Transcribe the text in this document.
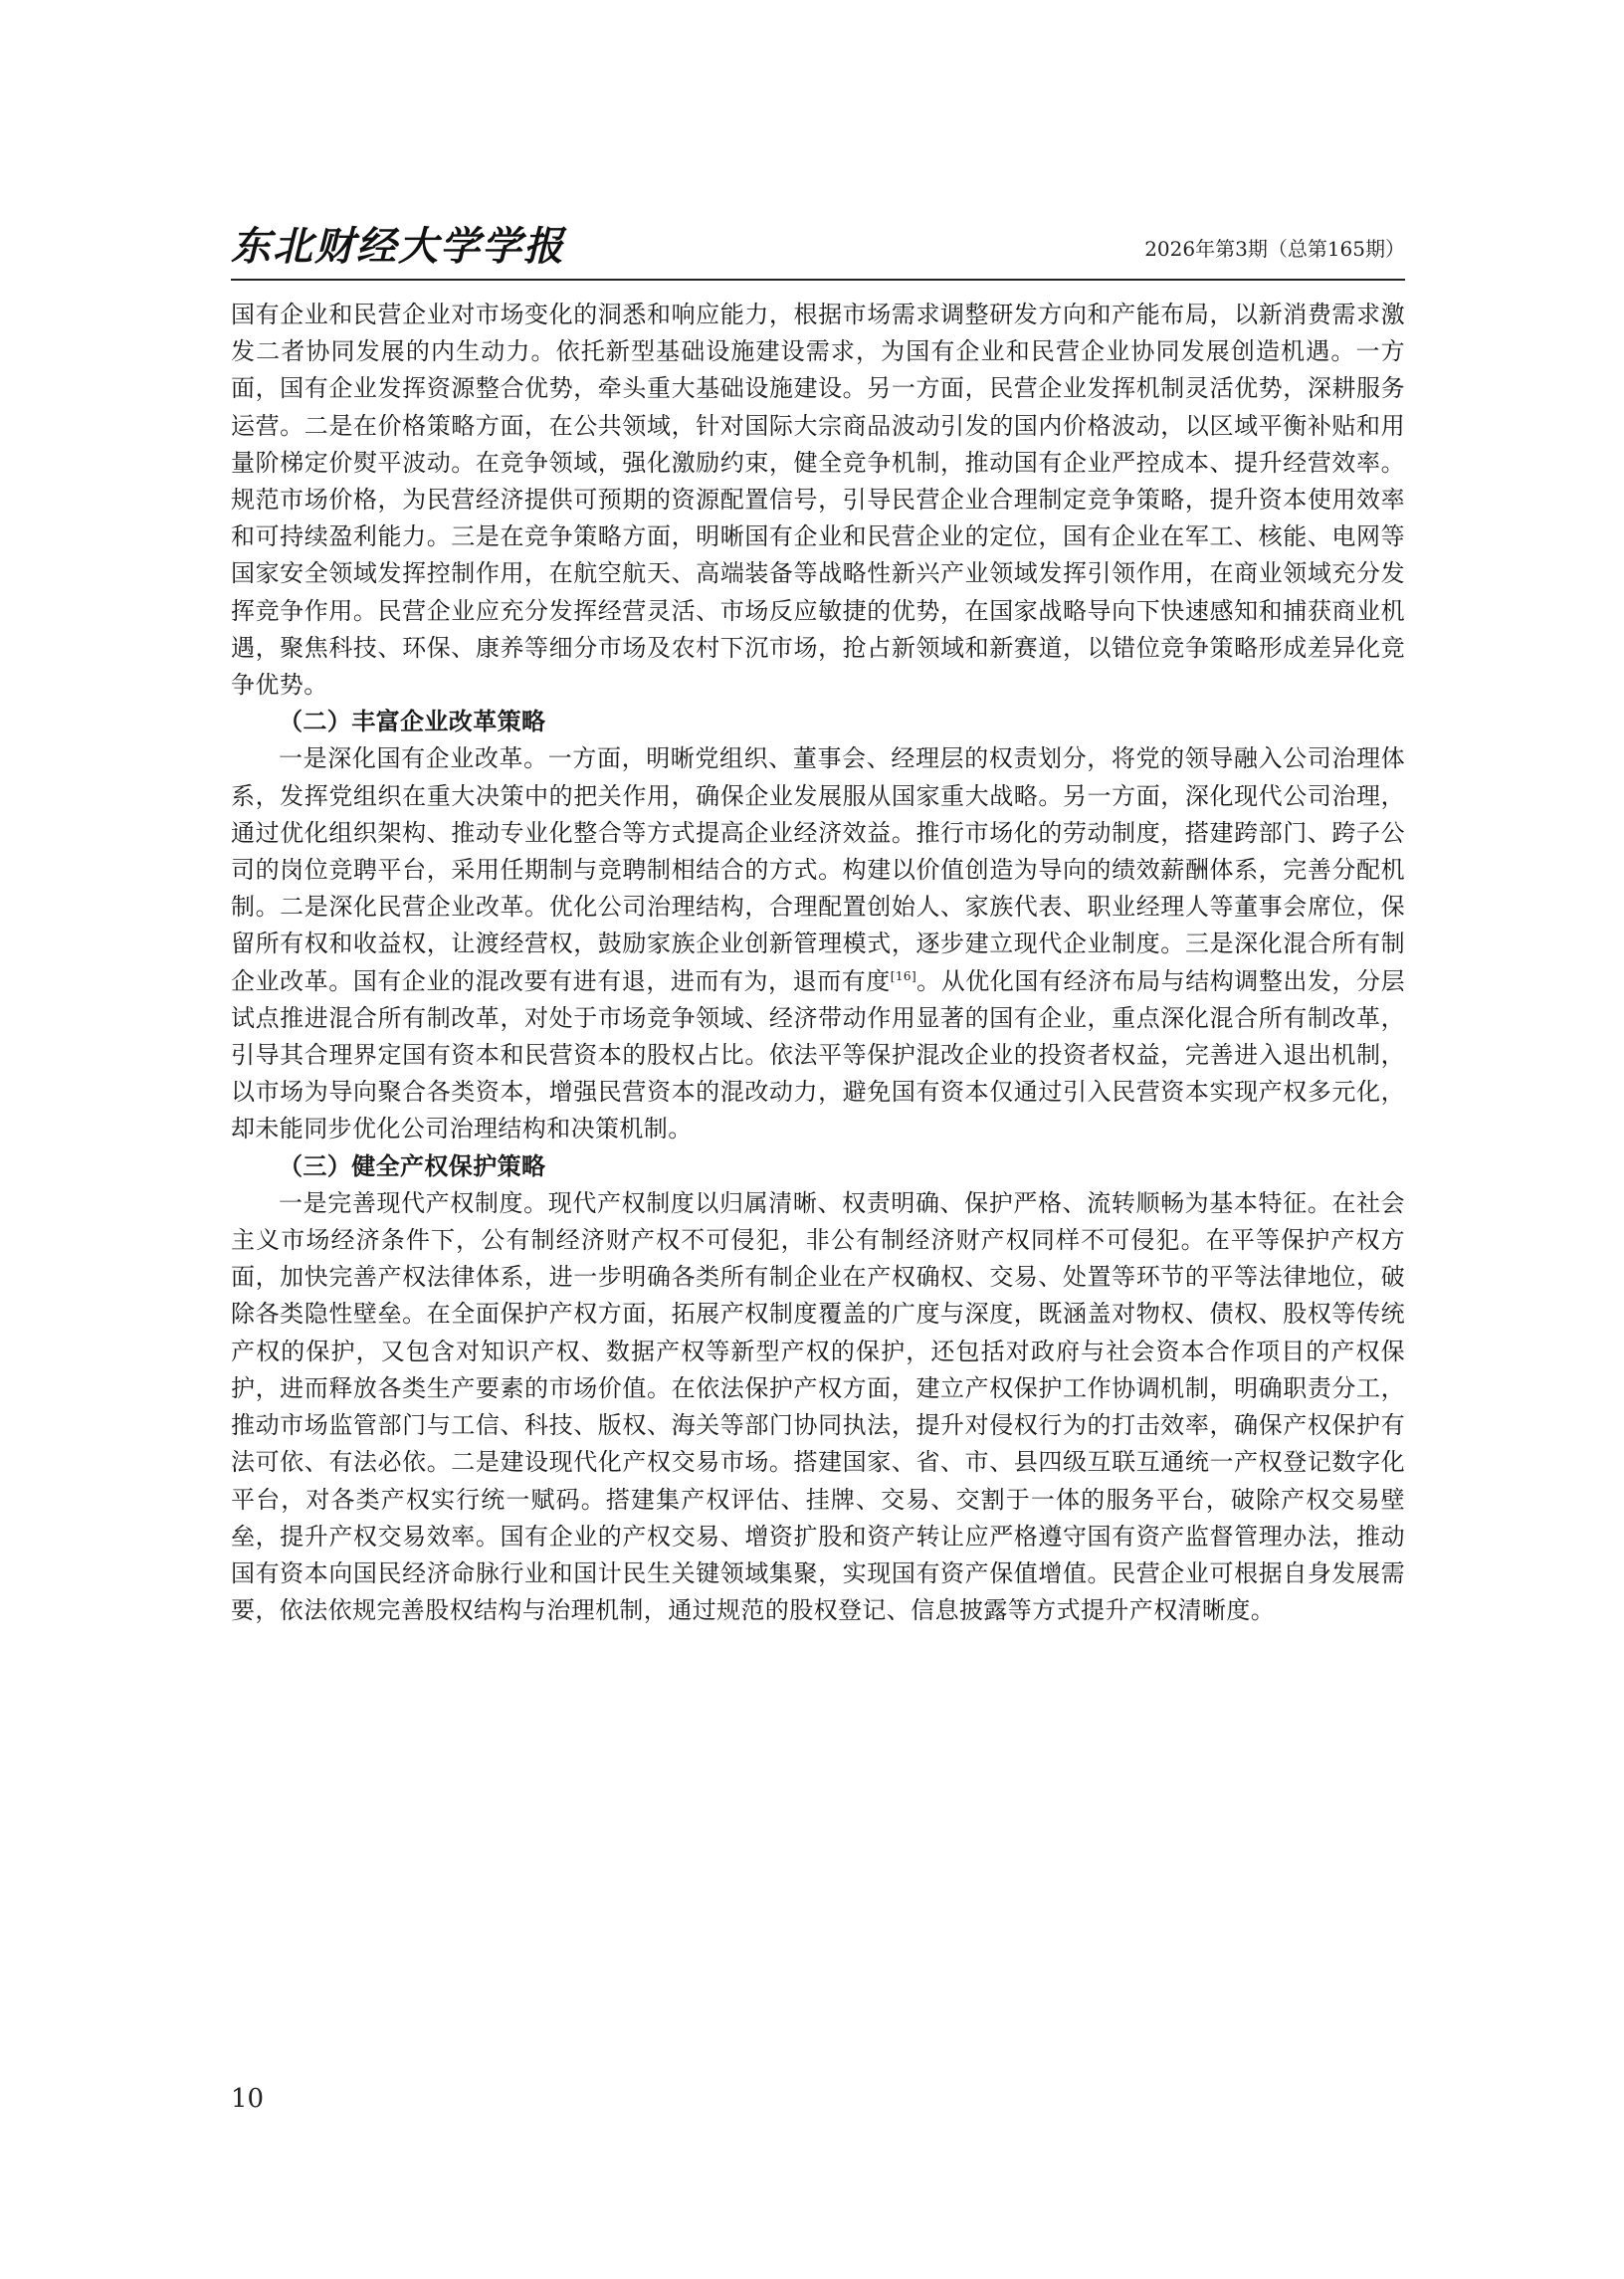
东北财经大学学报	2026年第3期（总第165期）

国有企业和民营企业对市场变化的洞悉和响应能力，根据市场需求调整研发方向和产能布局，以新消费需求激发二者协同发展的内生动力。依托新型基础设施建设需求，为国有企业和民营企业协同发展创造机遇。一方面，国有企业发挥资源整合优势，牵头重大基础设施建设。另一方面，民营企业发挥机制灵活优势，深耕服务运营。二是在价格策略方面，在公共领域，针对国际大宗商品波动引发的国内价格波动，以区域平衡补贴和用量阶梯定价熨平波动。在竞争领域，强化激励约束，健全竞争机制，推动国有企业严控成本、提升经营效率。规范市场价格，为民营经济提供可预期的资源配置信号，引导民营企业合理制定竞争策略，提升资本使用效率和可持续盈利能力。三是在竞争策略方面，明晰国有企业和民营企业的定位，国有企业在军工、核能、电网等国家安全领域发挥控制作用，在航空航天、高端装备等战略性新兴产业领域发挥引领作用，在商业领域充分发挥竞争作用。民营企业应充分发挥经营灵活、市场反应敏捷的优势，在国家战略导向下快速感知和捕获商业机遇，聚焦科技、环保、康养等细分市场及农村下沉市场，抢占新领域和新赛道，以错位竞争策略形成差异化竞争优势。

（二）丰富企业改革策略

一是深化国有企业改革。一方面，明晰党组织、董事会、经理层的权责划分，将党的领导融入公司治理体系，发挥党组织在重大决策中的把关作用，确保企业发展服从国家重大战略。另一方面，深化现代公司治理，通过优化组织架构、推动专业化整合等方式提高企业经济效益。推行市场化的劳动制度，搭建跨部门、跨子公司的岗位竞聘平台，采用任期制与竞聘制相结合的方式。构建以价值创造为导向的绩效薪酬体系，完善分配机制。二是深化民营企业改革。优化公司治理结构，合理配置创始人、家族代表、职业经理人等董事会席位，保留所有权和收益权，让渡经营权，鼓励家族企业创新管理模式，逐步建立现代企业制度。三是深化混合所有制企业改革。国有企业的混改要有进有退，进而有为，退而有度[16]。从优化国有经济布局与结构调整出发，分层试点推进混合所有制改革，对处于市场竞争领域、经济带动作用显著的国有企业，重点深化混合所有制改革，引导其合理界定国有资本和民营资本的股权占比。依法平等保护混改企业的投资者权益，完善进入退出机制，以市场为导向聚合各类资本，增强民营资本的混改动力，避免国有资本仅通过引入民营资本实现产权多元化，却未能同步优化公司治理结构和决策机制。

（三）健全产权保护策略

一是完善现代产权制度。现代产权制度以归属清晰、权责明确、保护严格、流转顺畅为基本特征。在社会主义市场经济条件下，公有制经济财产权不可侵犯，非公有制经济财产权同样不可侵犯。在平等保护产权方面，加快完善产权法律体系，进一步明确各类所有制企业在产权确权、交易、处置等环节的平等法律地位，破除各类隐性壁垒。在全面保护产权方面，拓展产权制度覆盖的广度与深度，既涵盖对物权、债权、股权等传统产权的保护，又包含对知识产权、数据产权等新型产权的保护，还包括对政府与社会资本合作项目的产权保护，进而释放各类生产要素的市场价值。在依法保护产权方面，建立产权保护工作协调机制，明确职责分工，推动市场监管部门与工信、科技、版权、海关等部门协同执法，提升对侵权行为的打击效率，确保产权保护有法可依、有法必依。二是建设现代化产权交易市场。搭建国家、省、市、县四级互联互通统一产权登记数字化平台，对各类产权实行统一赋码。搭建集产权评估、挂牌、交易、交割于一体的服务平台，破除产权交易壁垒，提升产权交易效率。国有企业的产权交易、增资扩股和资产转让应严格遵守国有资产监督管理办法，推动国有资本向国民经济命脉行业和国计民生关键领域集聚，实现国有资产保值增值。民营企业可根据自身发展需要，依法依规完善股权结构与治理机制，通过规范的股权登记、信息披露等方式提升产权清晰度。

10
